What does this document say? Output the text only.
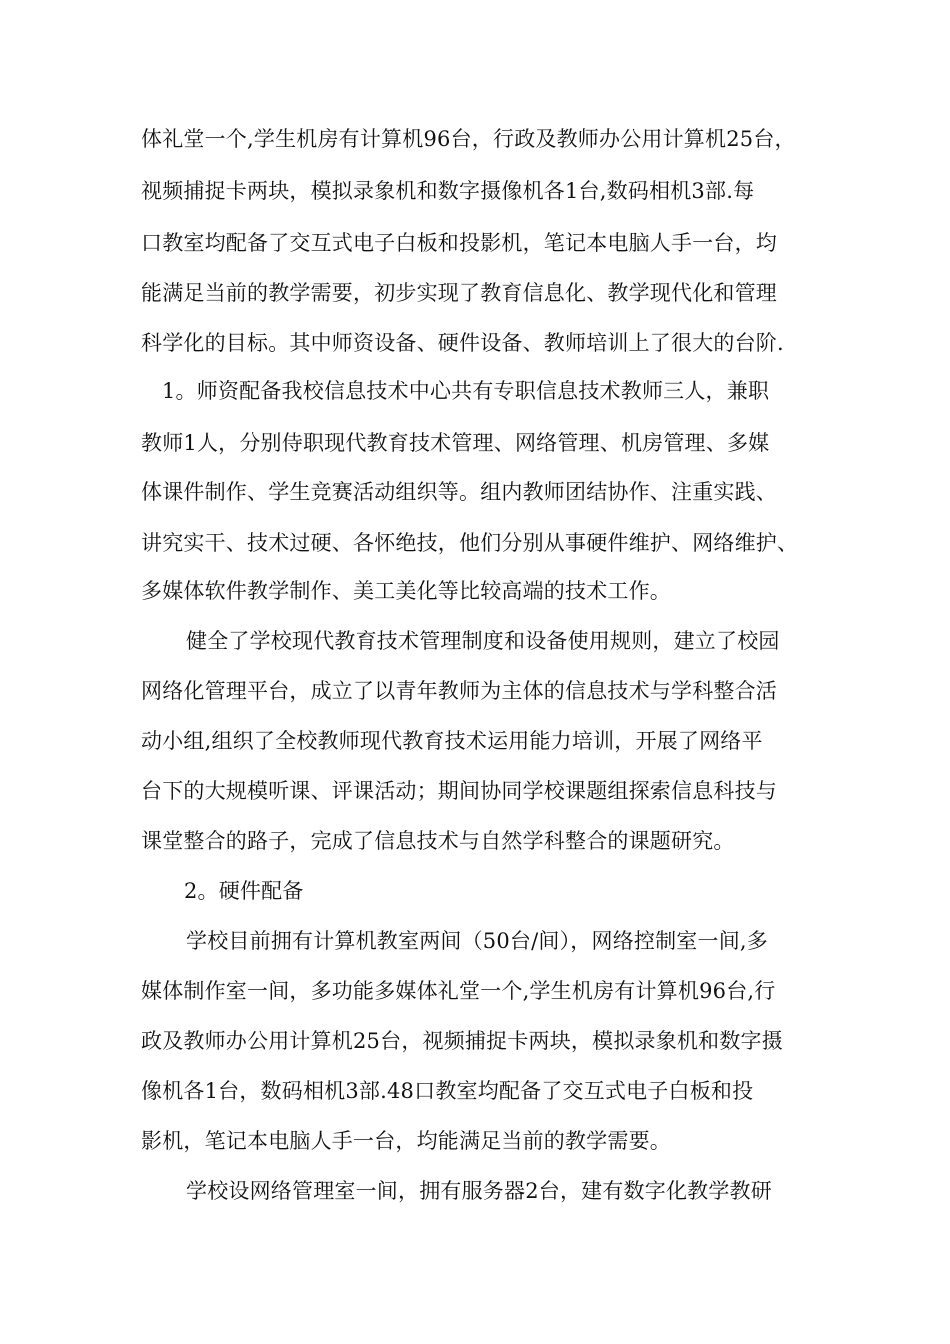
体礼堂一个,学生机房有计算机96台，行政及教师办公用计算机25台，
视频捕捉卡两块，模拟录象机和数字摄像机各1台,数码相机3部.每
口教室均配备了交互式电子白板和投影机，笔记本电脑人手一台，均
能满足当前的教学需要，初步实现了教育信息化、教学现代化和管理
科学化的目标。其中师资设备、硬件设备、教师培训上了很大的台阶.
1。师资配备我校信息技术中心共有专职信息技术教师三人，兼职
教师1人，分别侍职现代教育技术管理、网络管理、机房管理、多媒
体课件制作、学生竞赛活动组织等。组内教师团结协作、注重实践、
讲究实干、技术过硬、各怀绝技，他们分别从事硬件维护、网络维护、
多媒体软件教学制作、美工美化等比较高端的技术工作。
健全了学校现代教育技术管理制度和设备使用规则，建立了校园
网络化管理平台，成立了以青年教师为主体的信息技术与学科整合活
动小组,组织了全校教师现代教育技术运用能力培训，开展了网络平
台下的大规模听课、评课活动；期间协同学校课题组探索信息科技与
课堂整合的路子，完成了信息技术与自然学科整合的课题研究。
2。硬件配备
学校目前拥有计算机教室两间（50台/间），网络控制室一间,多
媒体制作室一间，多功能多媒体礼堂一个,学生机房有计算机96台,行
政及教师办公用计算机25台，视频捕捉卡两块，模拟录象机和数字摄
像机各1台，数码相机3部.48口教室均配备了交互式电子白板和投
影机，笔记本电脑人手一台，均能满足当前的教学需要。
学校设网络管理室一间，拥有服务器2台，建有数字化教学教研
